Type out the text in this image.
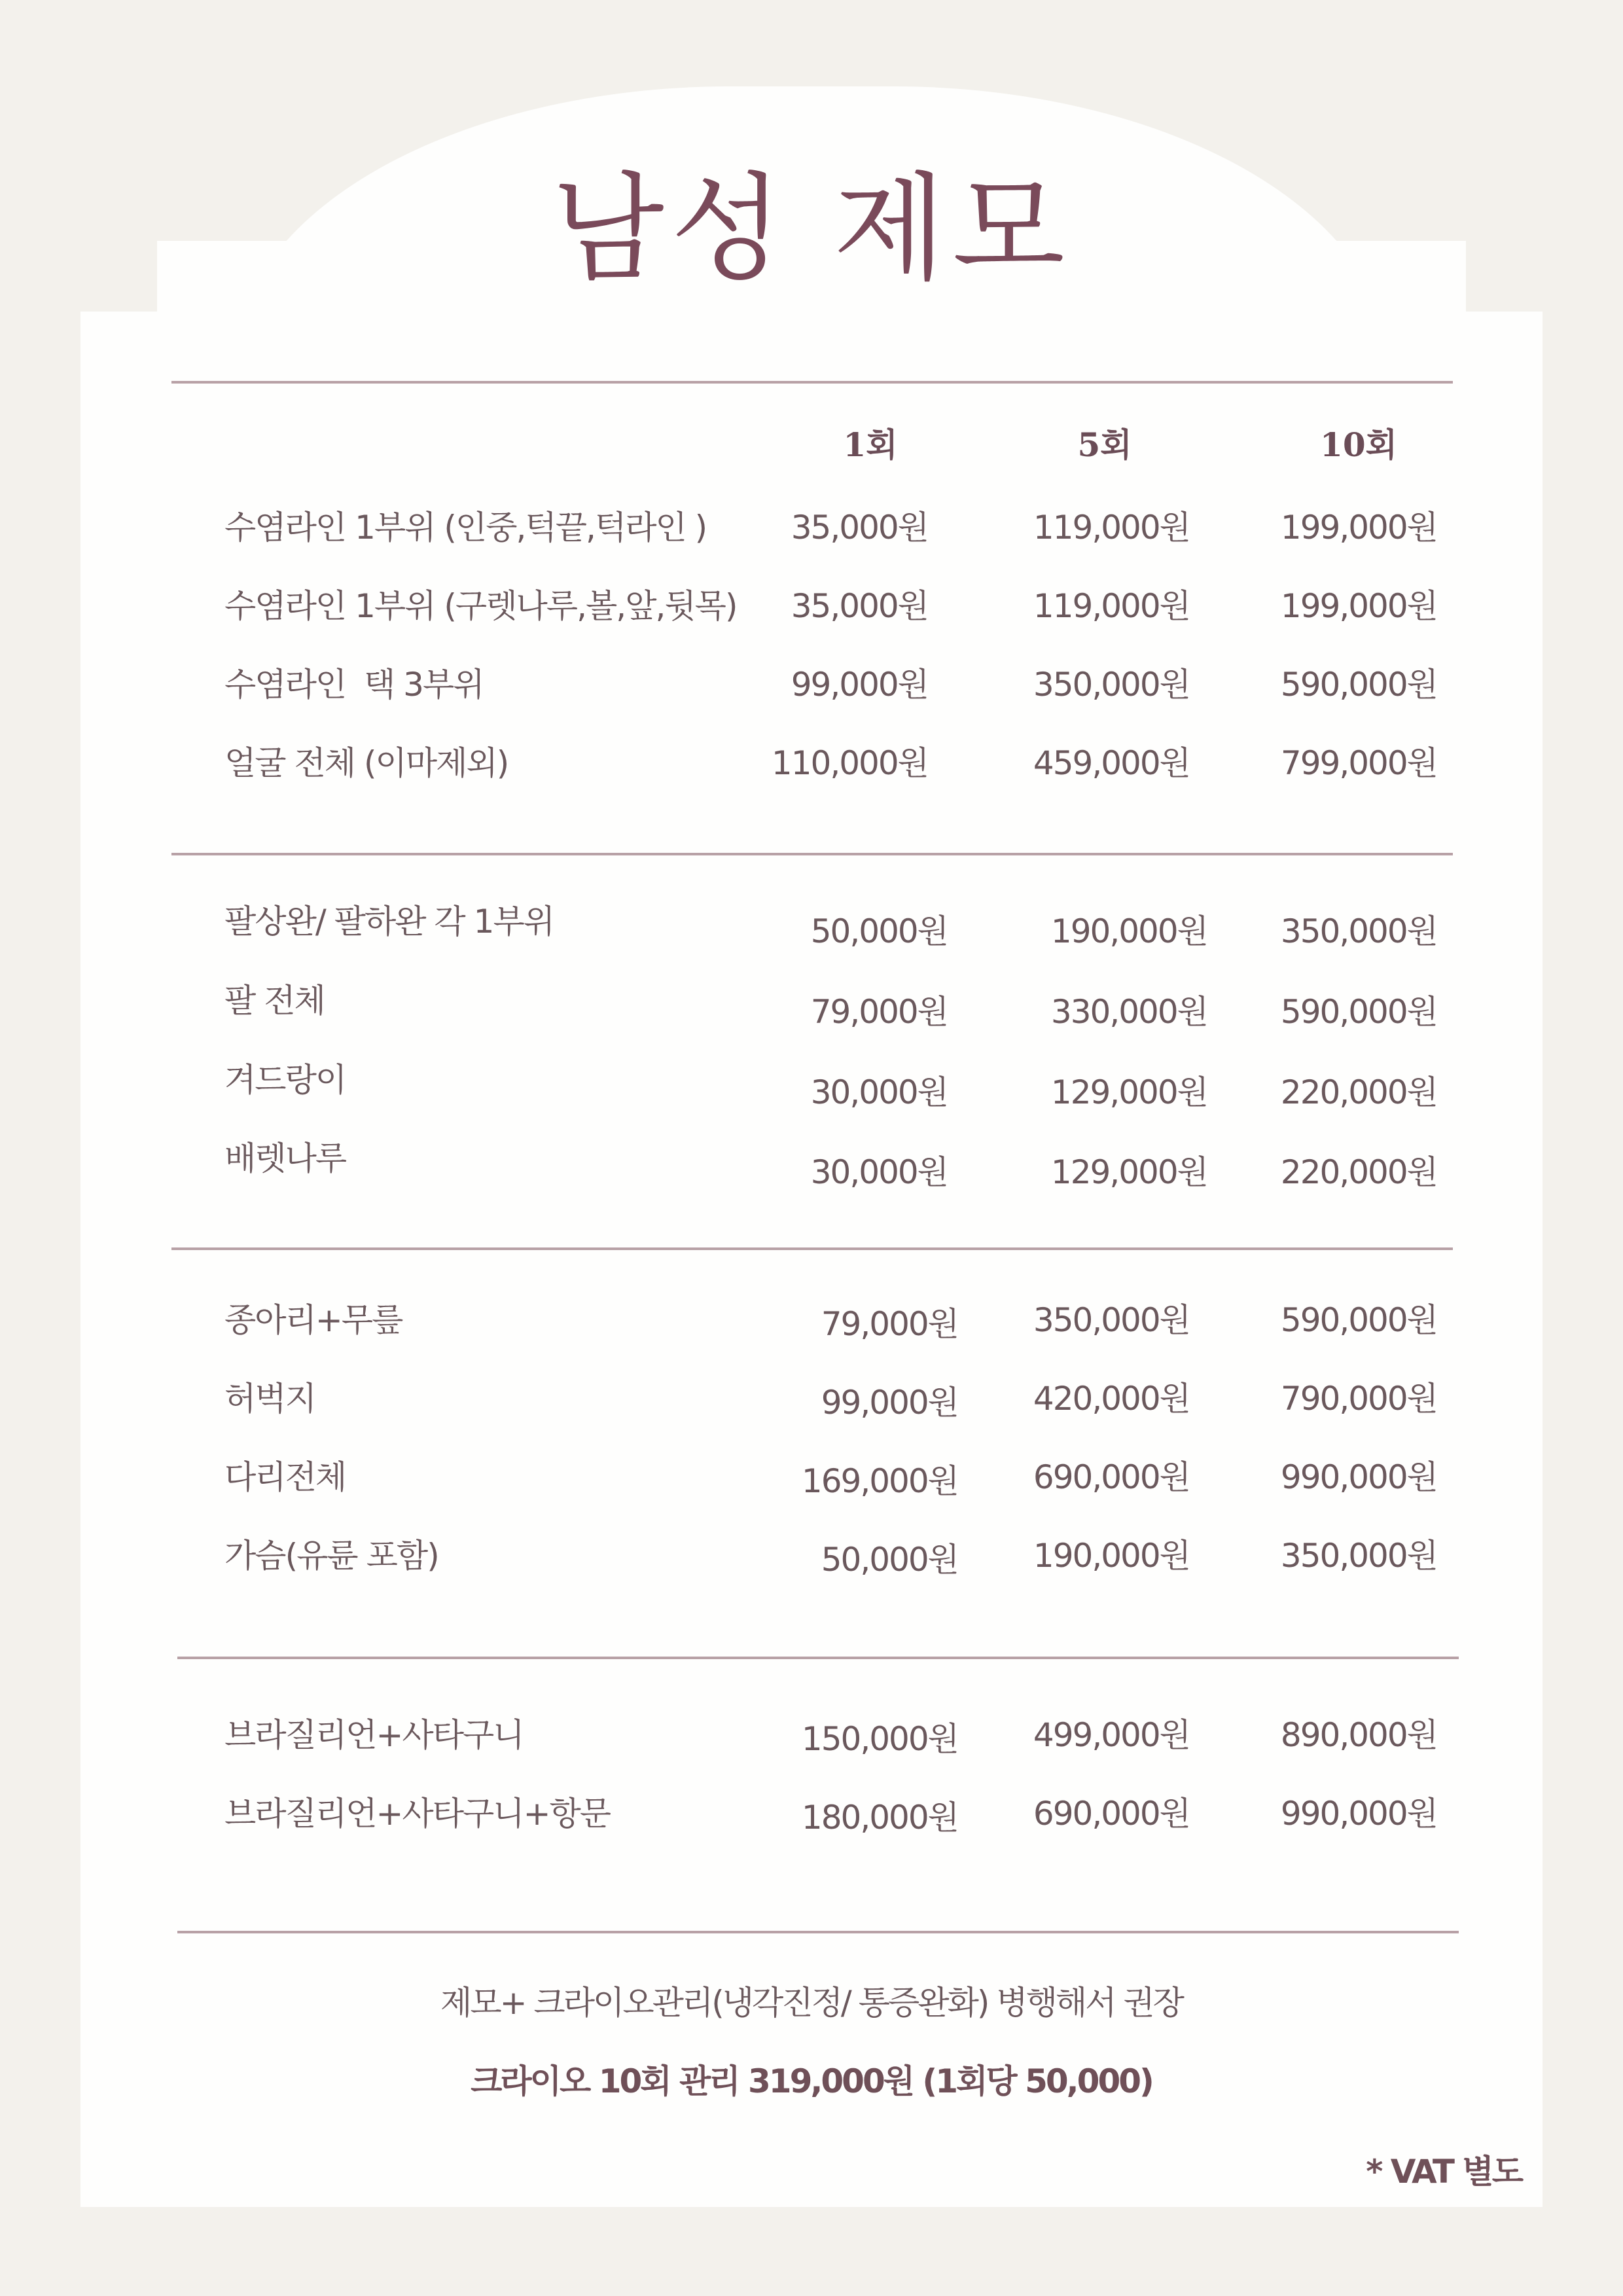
남성 제모
1회	5회	10회
수염라인 1부위 (인중,턱끝,턱라인 )	35,000원	119,000원	199,000원
수염라인 1부위 (구렛나루,볼,앞,뒷목)	35,000원	119,000원	199,000원
수염라인  택 3부위	99,000원	350,000원	590,000원
얼굴 전체 (이마제외)	110,000원	459,000원	799,000원
팔상완/ 팔하완 각 1부위	50,000원	190,000원	350,000원
팔 전체	79,000원	330,000원	590,000원
겨드랑이	30,000원	129,000원	220,000원
배렛나루	30,000원	129,000원	220,000원
종아리+무릎	79,000원	350,000원	590,000원
허벅지	99,000원	420,000원	790,000원
다리전체	169,000원	690,000원	990,000원
가슴(유륜 포함)	50,000원	190,000원	350,000원
브라질리언+사타구니	150,000원	499,000원	890,000원
브라질리언+사타구니+항문	180,000원	690,000원	990,000원

제모+ 크라이오관리(냉각진정/ 통증완화) 병행해서 권장

크라이오 10회 관리 319,000원 (1회당 50,000)

* VAT 별도
